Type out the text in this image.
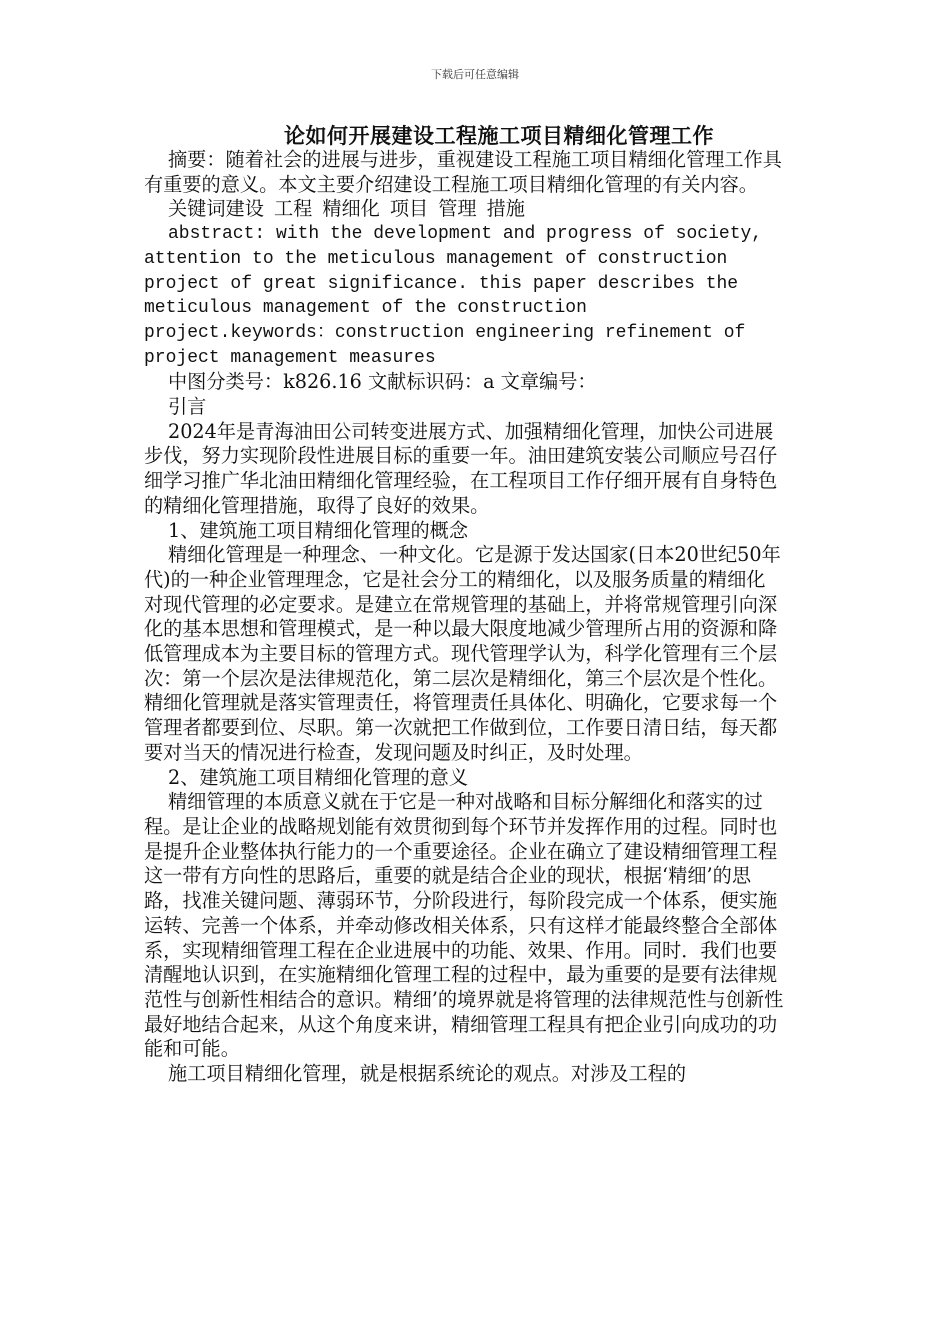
下载后可任意编辑
论如何开展建设工程施工项目精细化管理工作

摘要：随着社会的进展与进步，重视建设工程施工项目精细化管理工作具有重要的意义。本文主要介绍建设工程施工项目精细化管理的有关内容。

关键词建设 工程 精细化 项目 管理 措施

abstract: with the development and progress of society,
attention to the meticulous management of construction
project of great significance. this paper describes the
meticulous management of the construction
project.keywords：construction engineering refinement of
project management measures

中图分类号：k826.16 文献标识码：a 文章编号：

引言

2024年是青海油田公司转变进展方式、加强精细化管理，加快公司进展步伐，努力实现阶段性进展目标的重要一年。油田建筑安装公司顺应号召仔细学习推广华北油田精细化管理经验，在工程项目工作仔细开展有自身特色的精细化管理措施，取得了良好的效果。

1、建筑施工项目精细化管理的概念

精细化管理是一种理念、一种文化。它是源于发达国家(日本20世纪50年代)的一种企业管理理念，它是社会分工的精细化，以及服务质量的精细化对现代管理的必定要求。是建立在常规管理的基础上，并将常规管理引向深化的基本思想和管理模式，是一种以最大限度地减少管理所占用的资源和降低管理成本为主要目标的管理方式。现代管理学认为，科学化管理有三个层次：第一个层次是法律规范化，第二层次是精细化，第三个层次是个性化。精细化管理就是落实管理责任，将管理责任具体化、明确化，它要求每一个管理者都要到位、尽职。第一次就把工作做到位，工作要日清日结，每天都要对当天的情况进行检查，发现问题及时纠正，及时处理。

2、建筑施工项目精细化管理的意义

精细管理的本质意义就在于它是一种对战略和目标分解细化和落实的过程。是让企业的战略规划能有效贯彻到每个环节并发挥作用的过程。同时也是提升企业整体执行能力的一个重要途径。企业在确立了建设精细管理工程这一带有方向性的思路后，重要的就是结合企业的现状，根据‘精细’的思路，找准关键问题、薄弱环节，分阶段进行，每阶段完成一个体系，便实施运转、完善一个体系，并牵动修改相关体系，只有这样才能最终整合全部体系，实现精细管理工程在企业进展中的功能、效果、作用。同时．我们也要清醒地认识到，在实施精细化管理工程的过程中，最为重要的是要有法律规范性与创新性相结合的意识。精细’的境界就是将管理的法律规范性与创新性最好地结合起来，从这个角度来讲，精细管理工程具有把企业引向成功的功能和可能。

施工项目精细化管理，就是根据系统论的观点。对涉及工程的
